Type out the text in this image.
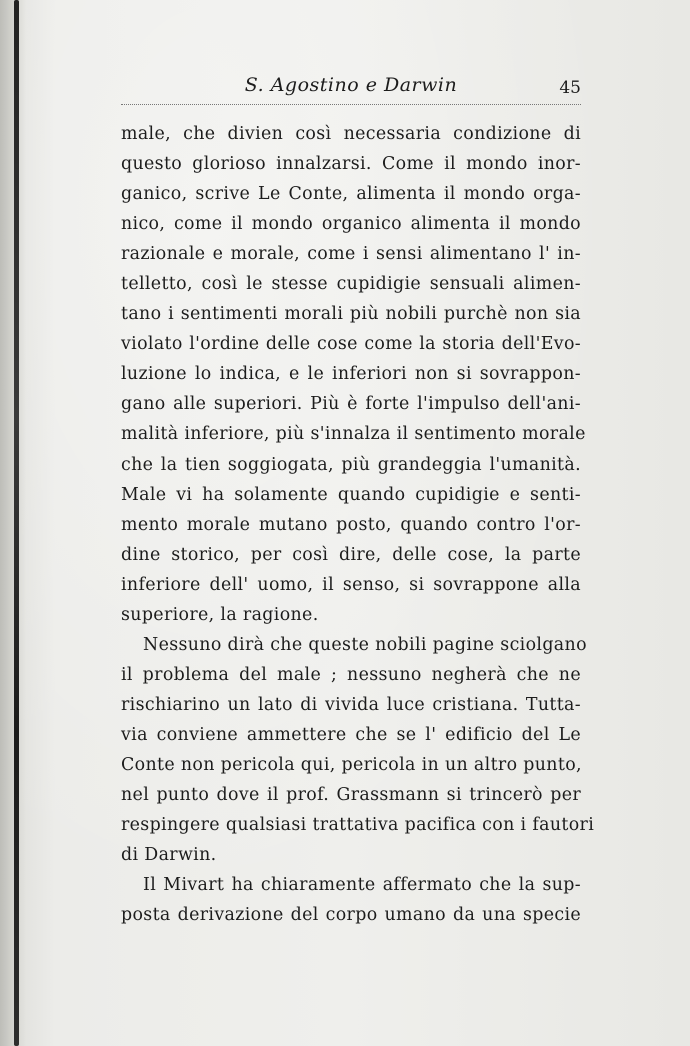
S. Agostino e Darwin	45
male, che divien così necessaria condizione di
questo glorioso innalzarsi. Come il mondo inor-
ganico, scrive Le Conte, alimenta il mondo orga-
nico, come il mondo organico alimenta il mondo
razionale e morale, come i sensi alimentano l' in-
telletto, così le stesse cupidigie sensuali alimen-
tano i sentimenti morali più nobili purchè non sia
violato l'ordine delle cose come la storia dell'Evo-
luzione lo indica, e le inferiori non si sovrappon-
gano alle superiori. Più è forte l'impulso dell'ani-
malità inferiore, più s'innalza il sentimento morale
che la tien soggiogata, più grandeggia l'umanità.
Male vi ha solamente quando cupidigie e senti-
mento morale mutano posto, quando contro l'or-
dine storico, per così dire, delle cose, la parte
inferiore dell' uomo, il senso, si sovrappone alla
superiore, la ragione.
Nessuno dirà che queste nobili pagine sciolgano
il problema del male ; nessuno negherà che ne
rischiarino un lato di vivida luce cristiana. Tutta-
via conviene ammettere che se l' edificio del Le
Conte non pericola qui, pericola in un altro punto,
nel punto dove il prof. Grassmann si trincerò per
respingere qualsiasi trattativa pacifica con i fautori
di Darwin.
Il Mivart ha chiaramente affermato che la sup-
posta derivazione del corpo umano da una specie
